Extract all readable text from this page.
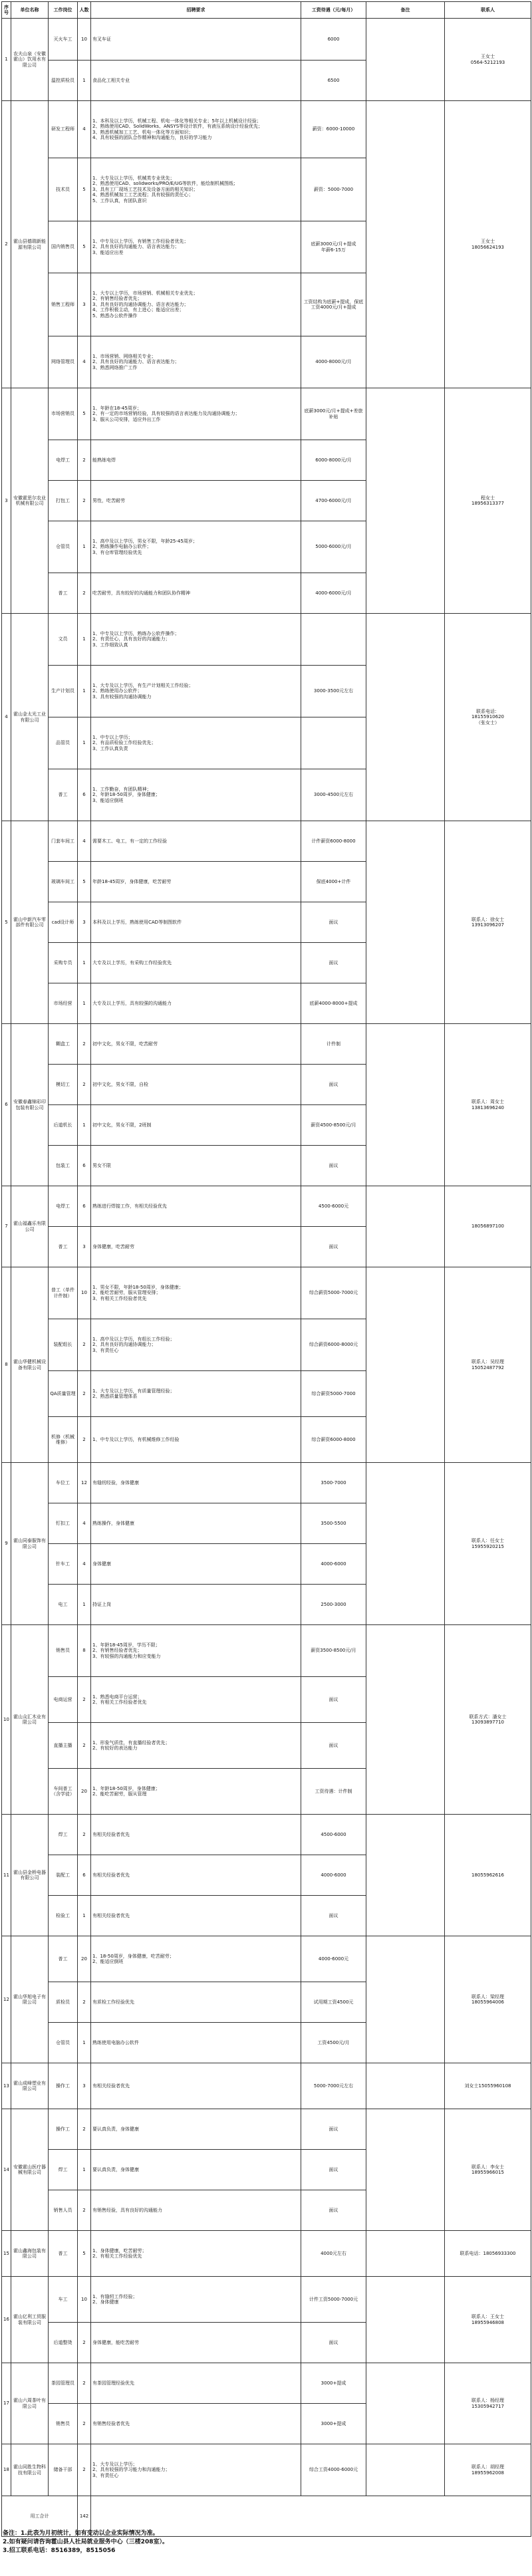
序号	单位名称	工作岗位	人数	招聘要求	工资待遇（元/每月）	备注	联系人
1	农夫山泉（安徽霍山）饮用水有限公司	灭火车工	10	有叉车证	6000		王女士
0564-5212193
		温控质检员	1	食品化工相关专业	6500		
2	霍山县德瑞新能源有限公司	研发工程师	4	1、本科及以上学历，机械工程、机电一体化等相关专业；5年以上机械设计经验；
2、熟练使用CAD、SolidWorks、ANSYS等设计软件，有液压系统设计经验优先；
3、熟悉机械加工工艺、机电一体化等方面知识；
4、具有较强的团队合作精神和沟通能力，良好的学习能力	薪资：6000-10000		王女士
18056624193
		技术员	5	1、大专及以上学历，机械类专业优先；
2、熟悉使用CAD、solidworks/PRO/E/UG等软件，能绘制机械图纸；
3、具有工厂现场工艺技术及设备方面的相关知识；
4、熟悉机械加工工艺流程；具有较强的责任心；
5、工作认真，有团队意识	薪资：5000-7000		
		国内销售员	5	1、中专及以上学历，有销售工作经验者优先；
2、具有良好的沟通能力、语言表达能力；
3、能适应出差	底薪3000元/月+提成
年薪6-15万		
		销售工程师	3	1、大专以上学历，市场营销、机械相关专业优先；
2、有销售经验者优先；
3、具有良好的沟通协调能力、语言表达能力；
4、工作积极主动，有上进心；能适应出差；
5、熟悉办公软件操作	工资结构为底薪+提成，保底工资4000元/月+提成		
		网络管理员	4	1、市场营销、网络相关专业；
2、具有良好的沟通能力、语言表达能力；
3、熟悉网络推广工作	4000-8000元/月		
3	安徽霍思尔农业机械有限公司	市场营销员	5	1、年龄在18-45周岁；
2、有一定的市场营销经验，具有较强的语言表达能力及沟通协调能力；
3、服从公司安排，适应外出工作	底薪3000元/月+提成+差旅补贴		程女士
18956313377
		电焊工	2	能熟练电焊	6000-8000元/月		
		打包工	2	男性，吃苦耐劳	4700-6000元/月		
		仓管员	1	1、高中及以上学历，男女不限，年龄25-45周岁；
2、熟练操作电脑办公软件；
3、有仓库管理经验优先	5000-6000元/月		
		普工	2	吃苦耐劳，具有较好的沟通能力和团队协作精神	4000-6000元/月		
4	霍山金太光工业有限公司	文员	1	1、中专及以上学历，熟练办公软件操作；
2、有责任心，具有良好的沟通能力；
3、工作细致认真			联系电话：
18155910620
（张女士）
		生产计划员	1	1、大专及以上学历，有生产计划相关工作经验；
2、熟练使用办公软件；
3、具有较强的沟通协调能力	3000-3500元左右		
		品管员	1	1、中专以上学历；
2、有品质检验工作经验优先；
3、工作认真负责			
		普工	6	1、工作勤奋，有团队精神；
2、年龄18-50周岁，身体健康；
3、能适应倒班	3000-4500元左右		
5	霍山中新汽车零部件有限公司	门套车间工	4	需要木工、电工，有一定的工作经验	计件薪资6000-8000		联系人：徐女士
13913096207
		玻璃车间工	5	年龄18-45周岁，身体健康，吃苦耐劳	保底4000+计件		
		cad设计师	3	本科及以上学历，熟练使用CAD等制图软件	面议		
		采购专员	1	大专及以上学历，有采购工作经验优先	面议		
		市场经营	1	大专及以上学历，具有较强的沟通能力	底薪4000-8000+提成		
6	安徽春鑫锦彩印包装有限公司	糊盒工	2	初中文化，男女不限，吃苦耐劳	计件制		联系人：周女士
13813696240
		模切工	2	初中文化，男女不限，自检	面议		
		后道机长	1	初中文化，男女不限，2班制	薪资4500-8500元/月		
		包装工	6	男女不限	面议		
7	霍山福鑫乐有限公司	电焊工	6	熟练进行焊接工作，有相关经验优先	4500-6000元		18056897100
		普工	3	身体健康，吃苦耐劳	面议		
8	霍山华健机械设备有限公司	普工（单件计件制）	10	1、男女不限，年龄18-50周岁，身体健康；
2、能吃苦耐劳，服从管理安排；
3、有相关工作经验者优先	综合薪资5000-7000元		联系人：吴经理
15052487792
		装配组长	2	1、高中及以上学历，有组长工作经验；
2、具有良好的沟通协调能力；
3、有责任心	综合薪资6000-8000元		
		QA质量管理	2	1、大专及以上学历，有质量管理经验；
2、熟悉质量管理体系	综合薪资5000-7000		
		机修（机械维修）	2	1、中专及以上学历，有机械维修工作经验	综合薪资6000-8000		
9	霍山同泰服饰有限公司	车位工	12	有缝纫经验，身体健康	3500-7000		联系人：任女士
15955920215
		钉扣工	4	熟练操作，身体健康	3500-5500		
		针车工	4	身体健康	4000-6000		
		电工	1	持证上岗	2500-3000		
10	霍山众汇木业有限公司	销售员	8	1、年龄18-45周岁，学历不限；
2、有销售经验者优先；
3、有较强的沟通能力和应变能力	薪资3500-8500元/月		联系方式：潘女士
13093897710
		电商运营	2	1、熟悉电商平台运营；
2、有相关工作经验者优先	面议		
		直播主播	2	1、形象气质佳，有直播经验者优先；
2、有较好的表达能力	面议		
		车间普工（含学徒）	20	1、年龄18-50周岁，身体健康；
2、能吃苦耐劳，服从管理	工资待遇：计件制		
11	霍山县金桥电器有限公司	焊工	2	有相关经验者优先	4500-6000		18055962616
		装配工	6	有相关经验者优先	4000-6000		
		检验工	1	有相关经验者优先	面议		
12	霍山华旭电子有限公司	普工	20	1、18-50周岁，身体健康，吃苦耐劳；
2、能适应倒班	4000-6000元		联系人：梁经理
18055964006
		质检员	2	有质检工作经验优先	试用期工资4500元		
		仓管员	1	熟练使用电脑办公软件	工资4500元/月		
13	霍山成峰塑业有限公司	操作工	3	有相关经验者优先	5000-7000元左右		刘女士15055960108
14	安徽霍山医疗器械有限公司	操作工	2	要认真负责，身体健康	面议		联系人：李女士
18955966015
		焊工	1	要认真负责，身体健康	面议		
		销售人员	2	有销售经验，具有良好的沟通能力	面议		
15	霍山鑫海包装有限公司	普工	5	1、身体健康，吃苦耐劳；
2、有相关工作经验优先	4000元左右		联系电话：18056933300
16	霍山亿利工贸服装有限公司	车工	10	1、有缝纫工作经验；
2、身体健康	计件工资5000-7000元		联系人：王女士
18955946808
		后道整烫	2	身体健康，能吃苦耐劳	面议		
17	霍山六周茶叶有限公司	茶园管理员	2	有茶园管理经验优先	3000+提成		联系人：杨经理
15305942717
		销售员	2	有销售经验者优先	3000+提成		
18	霍山同胜生物科技有限公司	储备干部	2	1、大专及以上学历；
2、具有较强的学习能力和沟通能力；
3、有责任心	综合工资4000-6000元		联系人：胡经理
18955962008
用工合计			142				
备注：1.此表为月初统计，如有变动以企业实际情况为准。
2.如有疑问请咨询霍山县人社局就业服务中心（三楼208室）。
3.招工联系电话：8516389，8515056
